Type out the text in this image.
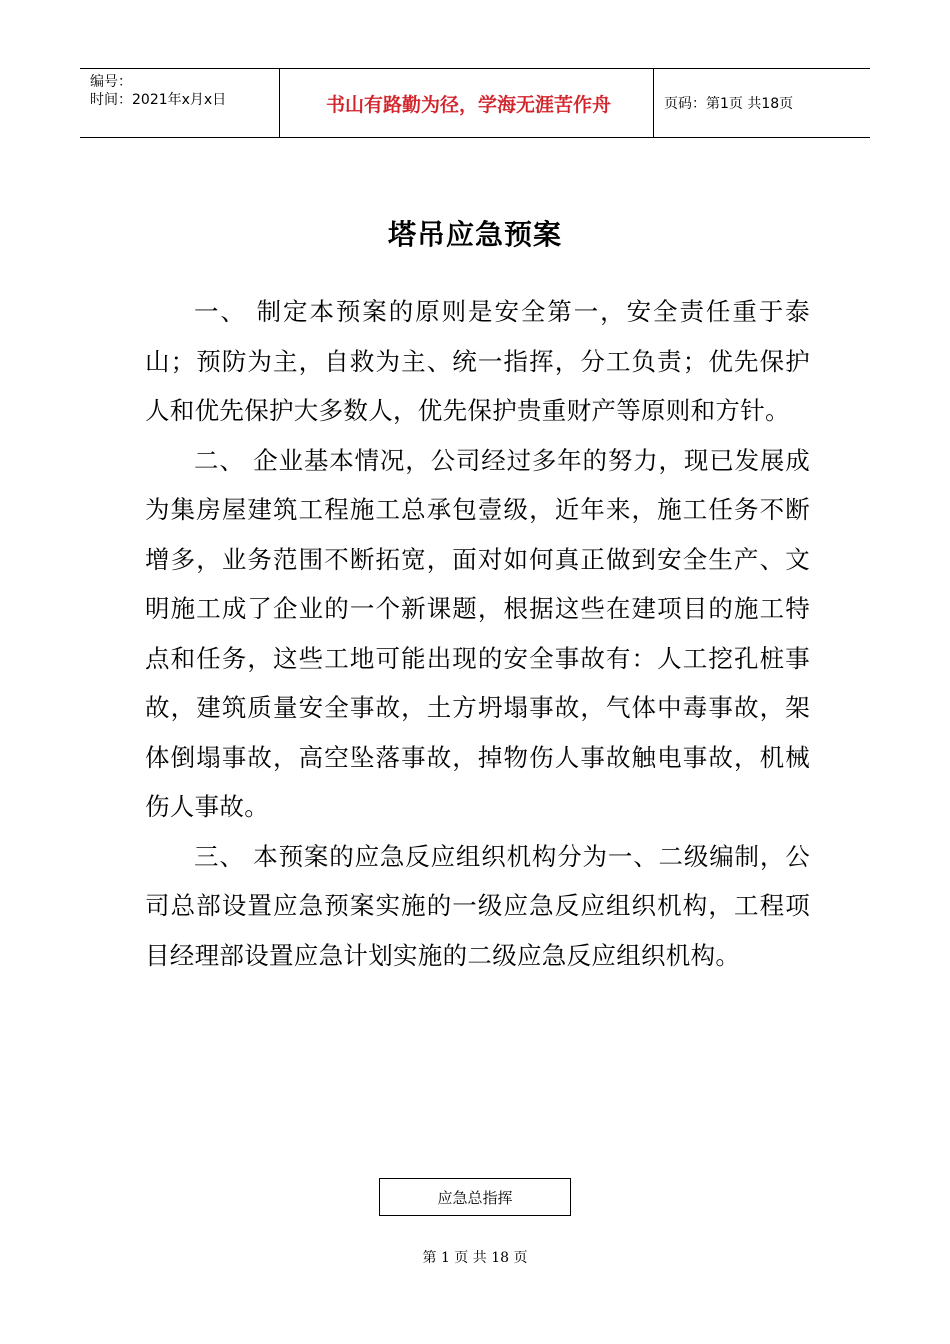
编号：
时间：2021年x月x日	书山有路勤为径，学海无涯苦作舟	页码：第1页 共18页
塔吊应急预案

一、 制定本预案的原则是安全第一，安全责任重于泰山；预防为主，自救为主、统一指挥，分工负责；优先保护人和优先保护大多数人，优先保护贵重财产等原则和方针。

二、 企业基本情况，公司经过多年的努力，现已发展成为集房屋建筑工程施工总承包壹级，近年来，施工任务不断增多，业务范围不断拓宽，面对如何真正做到安全生产、文明施工成了企业的一个新课题，根据这些在建项目的施工特点和任务，这些工地可能出现的安全事故有：人工挖孔桩事故，建筑质量安全事故，土方坍塌事故，气体中毒事故，架体倒塌事故，高空坠落事故，掉物伤人事故触电事故，机械伤人事故。

三、 本预案的应急反应组织机构分为一、二级编制，公司总部设置应急预案实施的一级应急反应组织机构，工程项目经理部设置应急计划实施的二级应急反应组织机构。

应急总指挥
第 1 页 共 18 页
